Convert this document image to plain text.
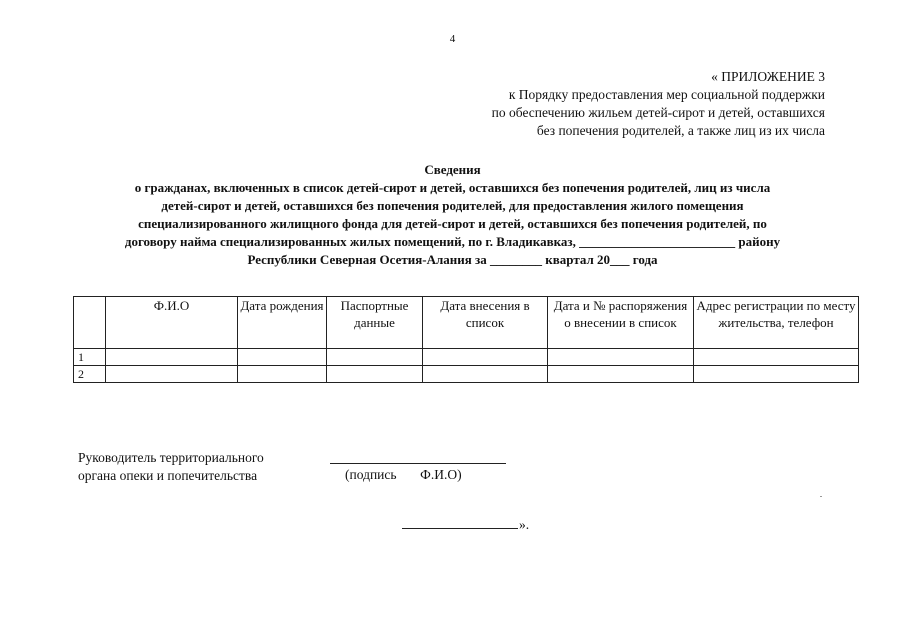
4
« ПРИЛОЖЕНИЕ 3
к Порядку предоставления мер социальной поддержки
по обеспечению жильем детей-сирот и детей, оставшихся
без попечения родителей, а также лиц из их числа
Сведения
о гражданах, включенных в список детей-сирот и детей, оставшихся без попечения родителей, лиц из числа
детей-сирот и детей, оставшихся без попечения родителей, для предоставления жилого помещения
специализированного жилищного фонда для детей-сирот и детей, оставшихся без попечения родителей, по
договору найма специализированных жилых помещений, по г. Владикавказ, ________________________ району
Республики Северная Осетия-Алания за ________ квартал 20___ года
	Ф.И.О	Дата рождения	Паспортные данные	Дата внесения в список	Дата и № распоряжения о внесении в список	Адрес регистрации по месту жительства, телефон
1						
2						
Руководитель территориального
органа опеки и попечительства	(подпись       Ф.И.О)
».
